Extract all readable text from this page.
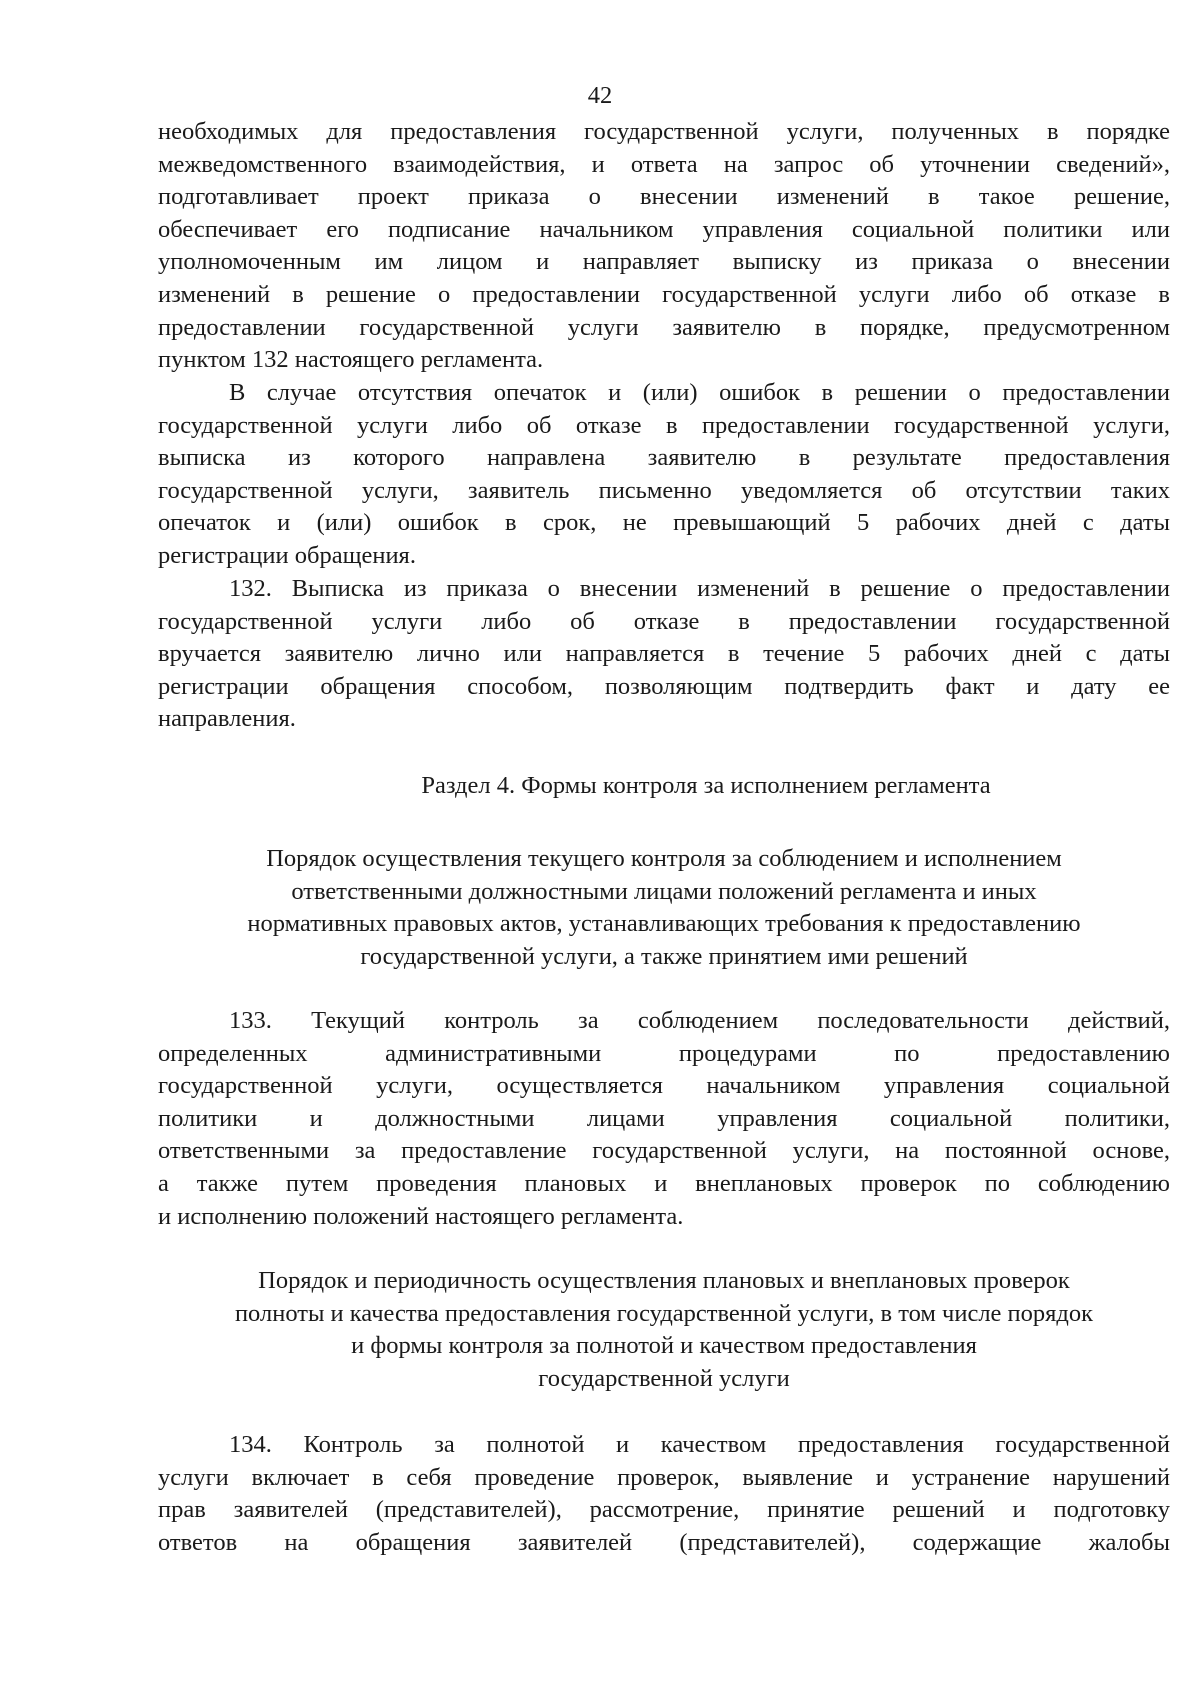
42

необходимых для предоставления государственной услуги, полученных в порядке

межведомственного взаимодействия, и ответа на запрос об уточнении сведений»,

подготавливает проект приказа о внесении изменений в такое решение,

обеспечивает его подписание начальником управления социальной политики или

уполномоченным им лицом и направляет выписку из приказа о внесении

изменений в решение о предоставлении государственной услуги либо об отказе в

предоставлении государственной услуги заявителю в порядке, предусмотренном

пунктом 132 настоящего регламента.

В случае отсутствия опечаток и (или) ошибок в решении о предоставлении

государственной услуги либо об отказе в предоставлении государственной услуги,

выписка из которого направлена заявителю в результате предоставления

государственной услуги, заявитель письменно уведомляется об отсутствии таких

опечаток и (или) ошибок в срок, не превышающий 5 рабочих дней с даты

регистрации обращения.

132. Выписка из приказа о внесении изменений в решение о предоставлении

государственной услуги либо об отказе в предоставлении государственной

вручается заявителю лично или направляется в течение 5 рабочих дней с даты

регистрации обращения способом, позволяющим подтвердить факт и дату ее

направления.

Раздел 4. Формы контроля за исполнением регламента
Порядок осуществления текущего контроля за соблюдением и исполнением
ответственными должностными лицами положений регламента и иных
нормативных правовых актов, устанавливающих требования к предоставлению
государственной услуги, а также принятием ими решений

133. Текущий контроль за соблюдением последовательности действий,

определенных административными процедурами по предоставлению

государственной услуги, осуществляется начальником управления социальной

политики и должностными лицами управления социальной политики,

ответственными за предоставление государственной услуги, на постоянной основе,

а также путем проведения плановых и внеплановых проверок по соблюдению

и исполнению положений настоящего регламента.

Порядок и периодичность осуществления плановых и внеплановых проверок
полноты и качества предоставления государственной услуги, в том числе порядок
и формы контроля за полнотой и качеством предоставления
государственной услуги

134. Контроль за полнотой и качеством предоставления государственной

услуги включает в себя проведение проверок, выявление и устранение нарушений

прав заявителей (представителей), рассмотрение, принятие решений и подготовку

ответов на обращения заявителей (представителей), содержащие жалобы
